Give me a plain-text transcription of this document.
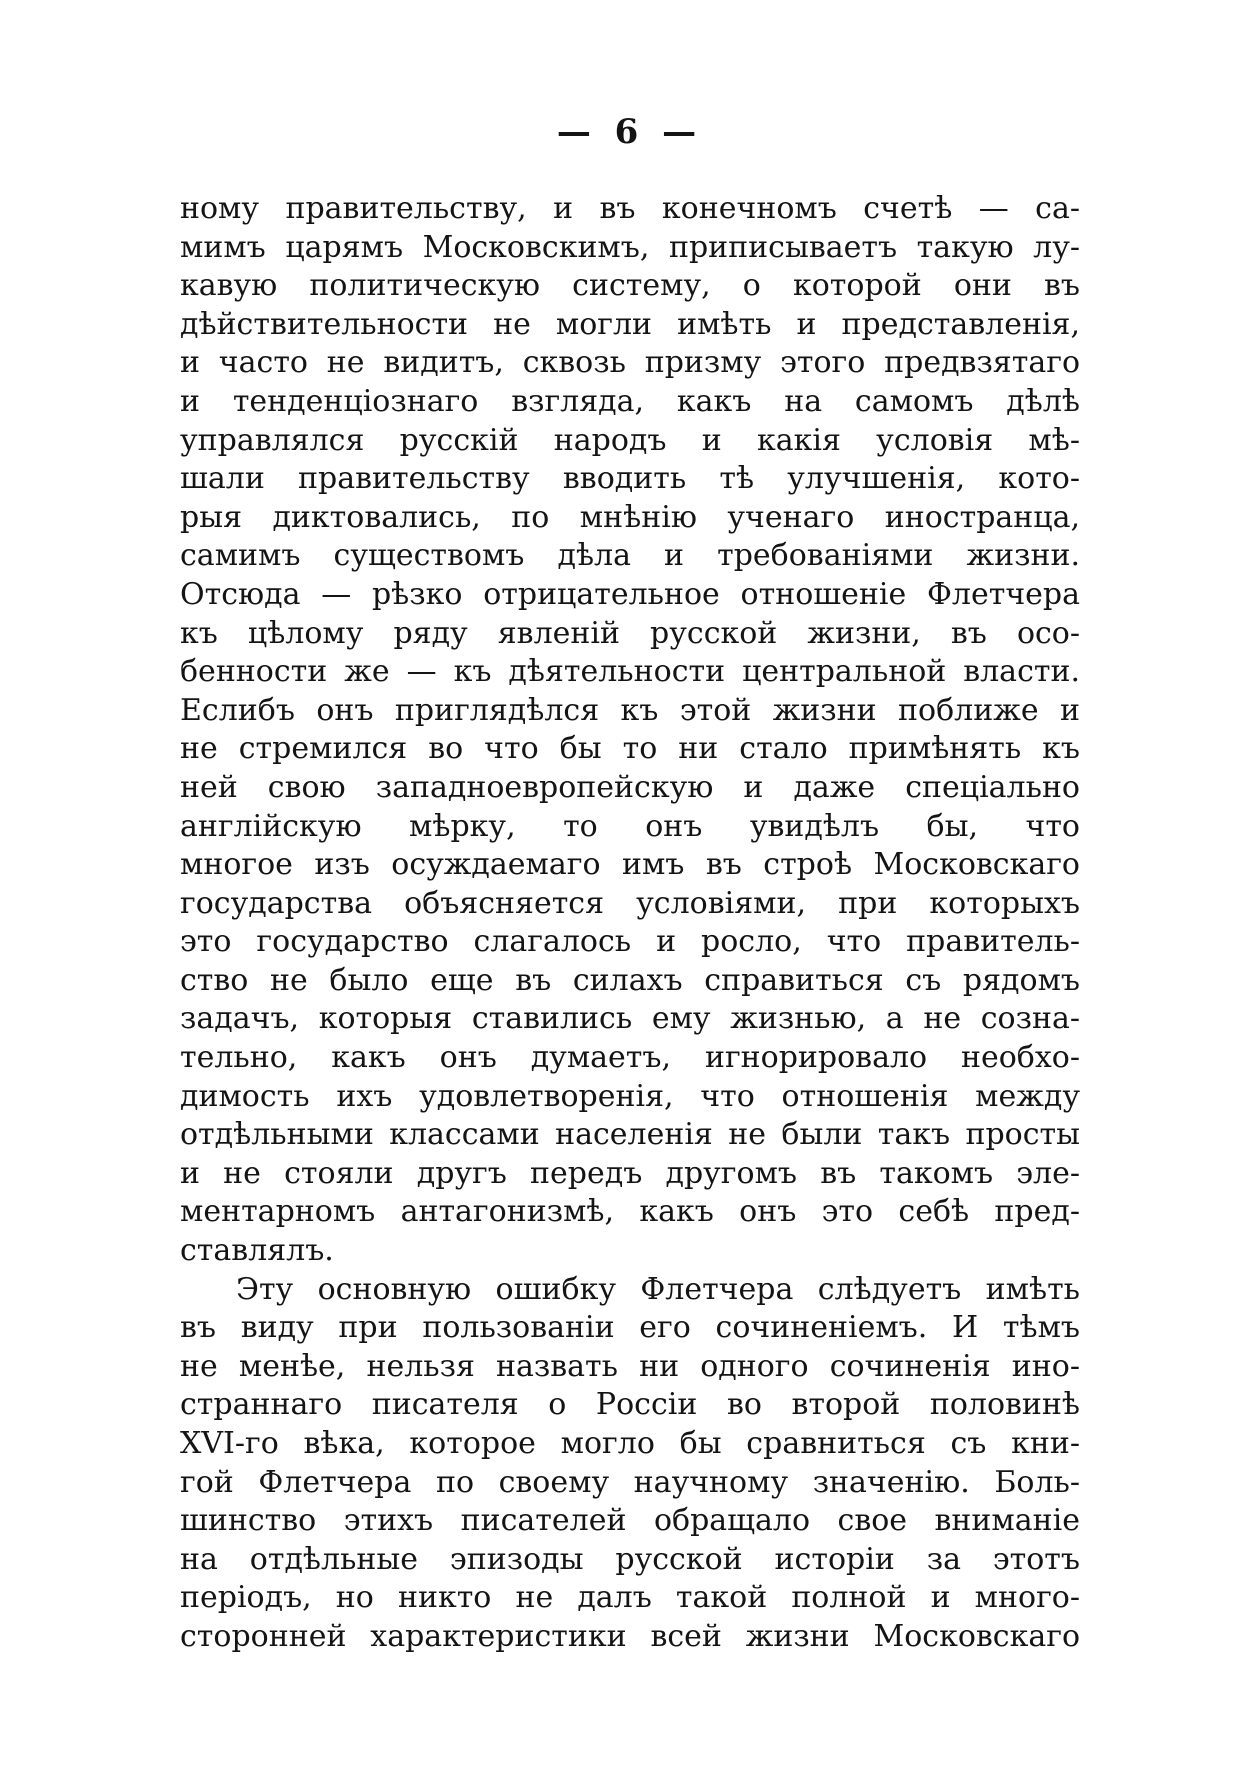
— 6 —
ному правительству, и въ конечномъ счетѣ — са-
мимъ царямъ Московскимъ, приписываетъ такую лу-
кавую политическую систему, о которой они въ
дѣйствительности не могли имѣть и представленія,
и часто не видитъ, сквозь призму этого предвзятаго
и тенденціознаго взгляда, какъ на самомъ дѣлѣ
управлялся русскій народъ и какія условія мѣ-
шали правительству вводить тѣ улучшенія, кото-
рыя диктовались, по мнѣнію ученаго иностранца,
самимъ существомъ дѣла и требованіями жизни.
Отсюда — рѣзко отрицательное отношеніе Флетчера
къ цѣлому ряду явленій русской жизни, въ осо-
бенности же — къ дѣятельности центральной власти.
Еслибъ онъ приглядѣлся къ этой жизни поближе и
не стремился во что бы то ни стало примѣнять къ
ней свою западноевропейскую и даже спеціально
англійскую мѣрку, то онъ увидѣлъ бы, что
многое изъ осуждаемаго имъ въ строѣ Московскаго
государства объясняется условіями, при которыхъ
это государство слагалось и росло, что правитель-
ство не было еще въ силахъ справиться съ рядомъ
задачъ, которыя ставились ему жизнью, а не созна-
тельно, какъ онъ думаетъ, игнорировало необхо-
димость ихъ удовлетворенія, что отношенія между
отдѣльными классами населенія не были такъ просты
и не стояли другъ передъ другомъ въ такомъ эле-
ментарномъ антагонизмѣ, какъ онъ это себѣ пред-
ставлялъ.
Эту основную ошибку Флетчера слѣдуетъ имѣть
въ виду при пользованіи его сочиненіемъ. И тѣмъ
не менѣе, нельзя назвать ни одного сочиненія ино-
страннаго писателя о Россіи во второй половинѣ
XVI-го вѣка, которое могло бы сравниться съ кни-
гой Флетчера по своему научному значенію. Боль-
шинство этихъ писателей обращало свое вниманіе
на отдѣльные эпизоды русской исторіи за этотъ
періодъ, но никто не далъ такой полной и много-
сторонней характеристики всей жизни Московскаго
